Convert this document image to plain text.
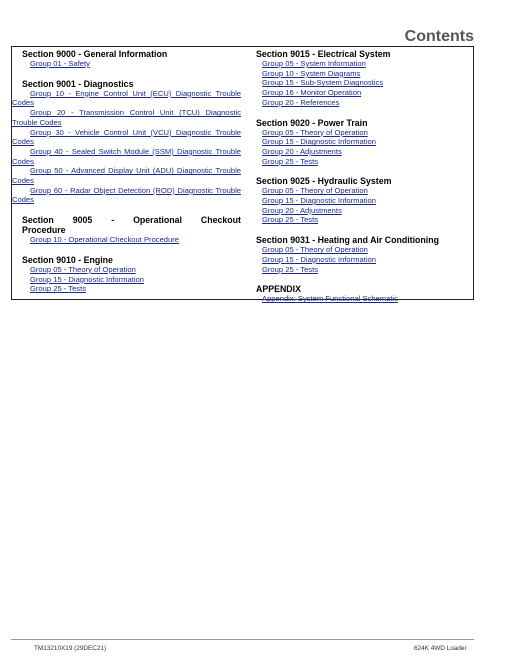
Contents

Section 9000 - General Information

Group 01 - Safety

Section 9001 - Diagnostics

Group 10 - Engine Control Unit (ECU) Diagnostic Trouble Codes
Group 20 - Transmission Control Unit (TCU) Diagnostic Trouble Codes
Group 30 - Vehicle Control Unit (VCU) Diagnostic Trouble Codes
Group 40 - Sealed Switch Module (SSM) Diagnostic Trouble Codes
Group 50 - Advanced Display Unit (ADU) Diagnostic Trouble Codes
Group 60 - Radar Object Detection (ROD) Diagnostic Trouble Codes
Section 9005 - Operational Checkout
Procedure
Group 10 - Operational Checkout Procedure

Section 9010 - Engine

Group 05 - Theory of Operation
Group 15 - Diagnostic Information
Group 25 - Tests

Section 9015 - Electrical System

Group 05 - System Information
Group 10 - System Diagrams
Group 15 - Sub-System Diagnostics
Group 16 - Monitor Operation
Group 20 - References

Section 9020 - Power Train

Group 05 - Theory of Operation
Group 15 - Diagnostic Information
Group 20 - Adjustments
Group 25 - Tests

Section 9025 - Hydraulic System

Group 05 - Theory of Operation
Group 15 - Diagnostic Information
Group 20 - Adjustments
Group 25 - Tests

Section 9031 - Heating and Air Conditioning

Group 05 - Theory of Operation
Group 15 - Diagnostic Information
Group 25 - Tests

APPENDIX

Appendix: System Functional Schematic
TM13210X19 (29DEC21)	624K 4WD Loader
